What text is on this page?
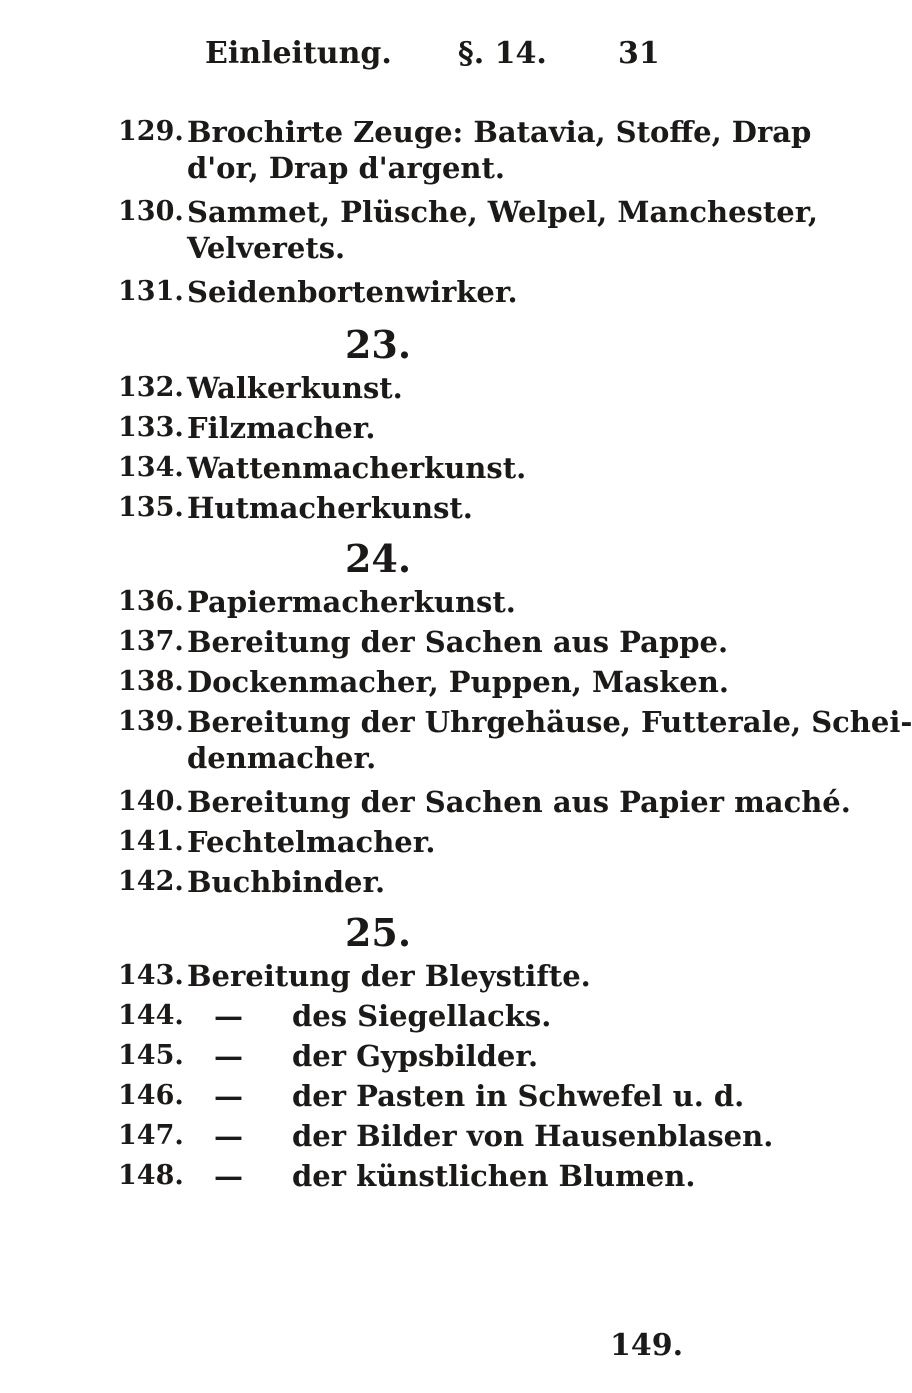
Einleitung. §. 14. 31
129. Brochirte Zeuge: Batavia, Stoffe, Drap
d'or, Drap d'argent.
130. Sammet, Plüsche, Welpel, Manchester,
Velverets.
131. Seidenbortenwirker.
23.
132. Walkerkunst.
133. Filzmacher.
134. Wattenmacherkunst.
135. Hutmacherkunst.
24.
136. Papiermacherkunst.
137. Bereitung der Sachen aus Pappe.
138. Dockenmacher, Puppen, Masken.
139. Bereitung der Uhrgehäuse, Futterale, Schei-
denmacher.
140. Bereitung der Sachen aus Papier maché.
141. Fechtelmacher.
142. Buchbinder.
25.
143. Bereitung der Bleystifte.
144. — des Siegellacks.
145. — der Gypsbilder.
146. — der Pasten in Schwefel u. d.
147. — der Bilder von Hausenblasen.
148. — der künstlichen Blumen.
149.
